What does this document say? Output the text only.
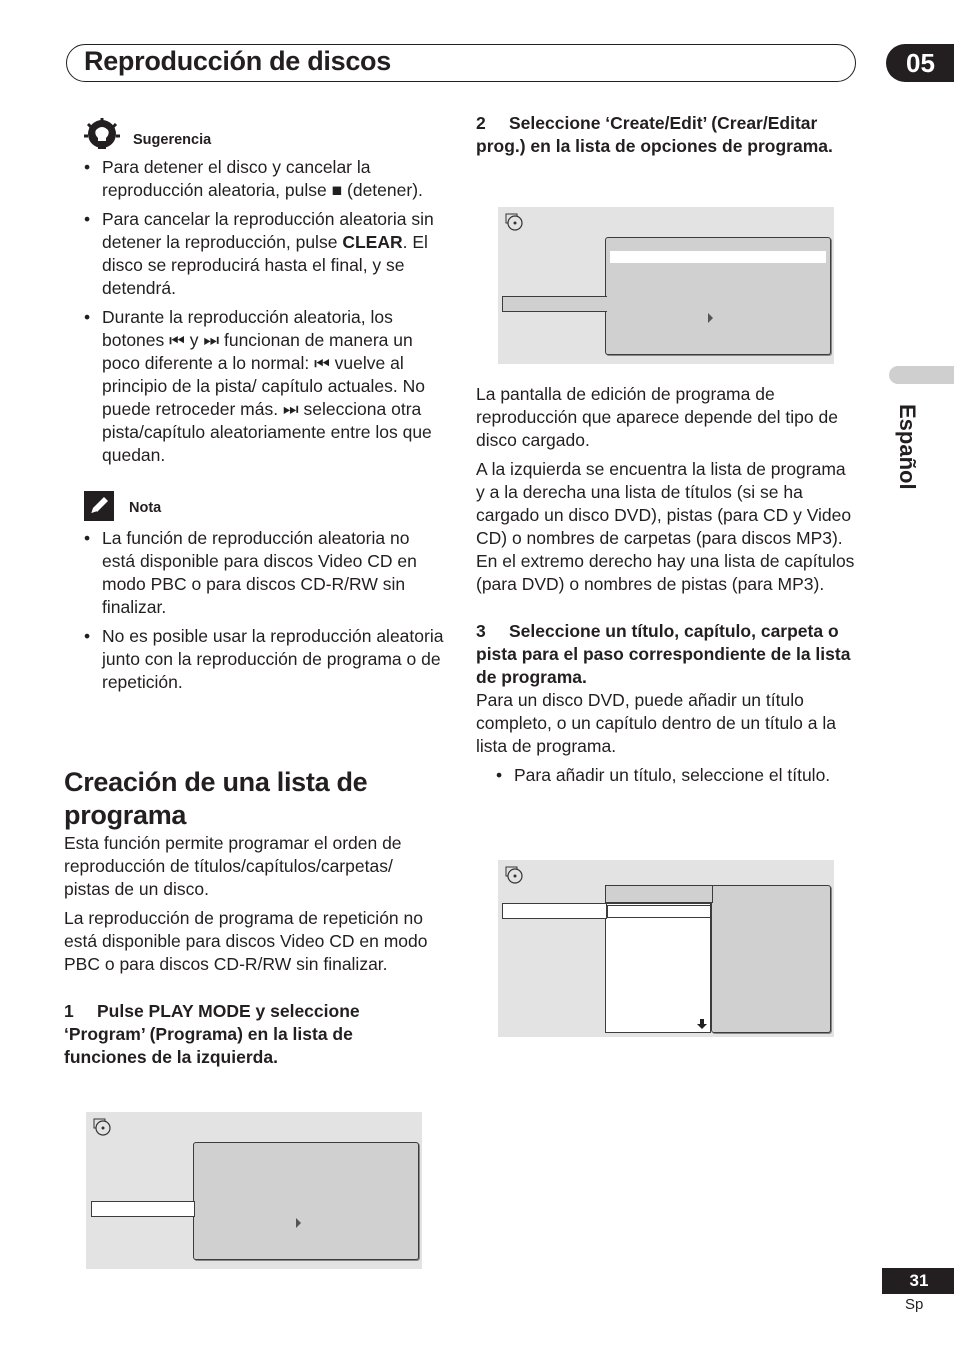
Reproducción de discos	05
Español
Sugerencia
• Para detener el disco y cancelar la reproducción aleatoria, pulse ■ (detener).
• Para cancelar la reproducción aleatoria sin detener la reproducción, pulse CLEAR. El disco se reproducirá hasta el final, y se detendrá.
• Durante la reproducción aleatoria, los botones ⏮ y ⏭ funcionan de manera un poco diferente a lo normal: ⏮ vuelve al principio de la pista/ capítulo actuales. No puede retroceder más. ⏭ selecciona otra pista/capítulo aleatoriamente entre los que quedan.
Nota
• La función de reproducción aleatoria no está disponible para discos Video CD en modo PBC o para discos CD-R/RW sin finalizar.
• No es posible usar la reproducción aleatoria junto con la reproducción de programa o de repetición.
Creación de una lista de programa

Esta función permite programar el orden de reproducción de títulos/capítulos/carpetas/ pistas de un disco.

La reproducción de programa de repetición no está disponible para discos Video CD en modo PBC o para discos CD-R/RW sin finalizar.

1 Pulse PLAY MODE y seleccione ‘Program’ (Programa) en la lista de funciones de la izquierda.
2 Seleccione ‘Create/Edit’ (Crear/Editar prog.) en la lista de opciones de programa.

La pantalla de edición de programa de reproducción que aparece depende del tipo de disco cargado.

A la izquierda se encuentra la lista de programa y a la derecha una lista de títulos (si se ha cargado un disco DVD), pistas (para CD y Video CD) o nombres de carpetas (para discos MP3). En el extremo derecho hay una lista de capítulos (para DVD) o nombres de pistas (para MP3).

3 Seleccione un título, capítulo, carpeta o pista para el paso correspondiente de la lista de programa.

Para un disco DVD, puede añadir un título completo, o un capítulo dentro de un título a la lista de programa.

• Para añadir un título, seleccione el título.
31
Sp
